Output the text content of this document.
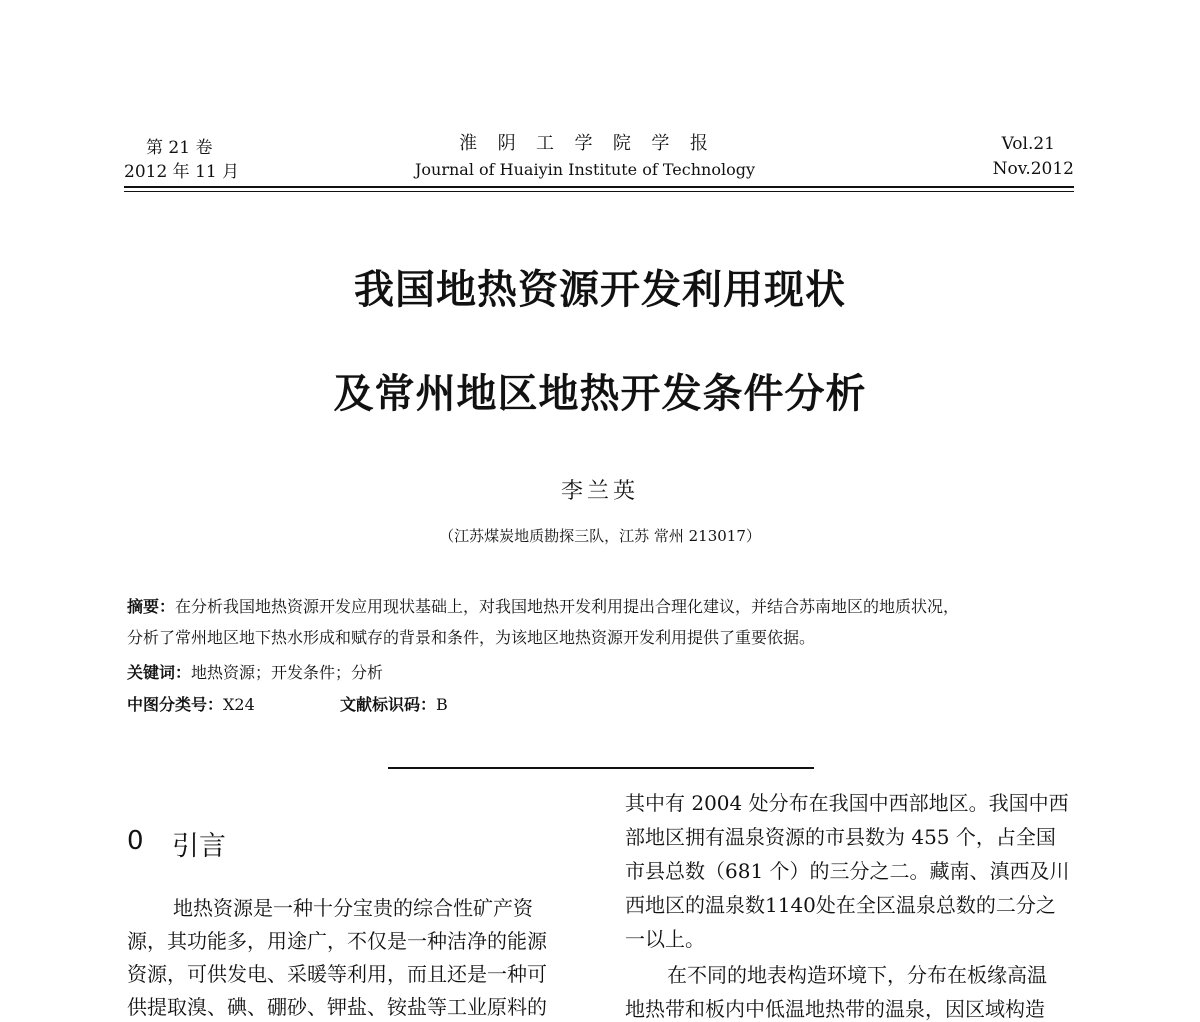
第 21 卷
2012 年 11 月
淮  阴  工  学  院  学  报
Journal of Huaiyin Institute of Technology
Vol.21
Nov.2012
我国地热资源开发利用现状
及常州地区地热开发条件分析
李兰英
（江苏煤炭地质勘探三队，江苏 常州 213017）
摘要：在分析我国地热资源开发应用现状基础上，对我国地热开发利用提出合理化建议，并结合苏南地区的地质状况，
分析了常州地区地下热水形成和赋存的背景和条件，为该地区地热资源开发利用提供了重要依据。
关键词：地热资源；开发条件；分析
中图分类号：X24	文献标识码：B
0 引言
地热资源是一种十分宝贵的综合性矿产资
源，其功能多，用途广，不仅是一种洁净的能源
资源，可供发电、采暖等利用，而且还是一种可
供提取溴、碘、硼砂、钾盐、铵盐等工业原料的
其中有 2004 处分布在我国中西部地区。我国中西
部地区拥有温泉资源的市县数为 455 个，占全国
市县总数（681 个）的三分之二。藏南、滇西及川
西地区的温泉数1140处在全区温泉总数的二分之
一以上。
在不同的地表构造环境下，分布在板缘高温
地热带和板内中低温地热带的温泉，因区域构造
